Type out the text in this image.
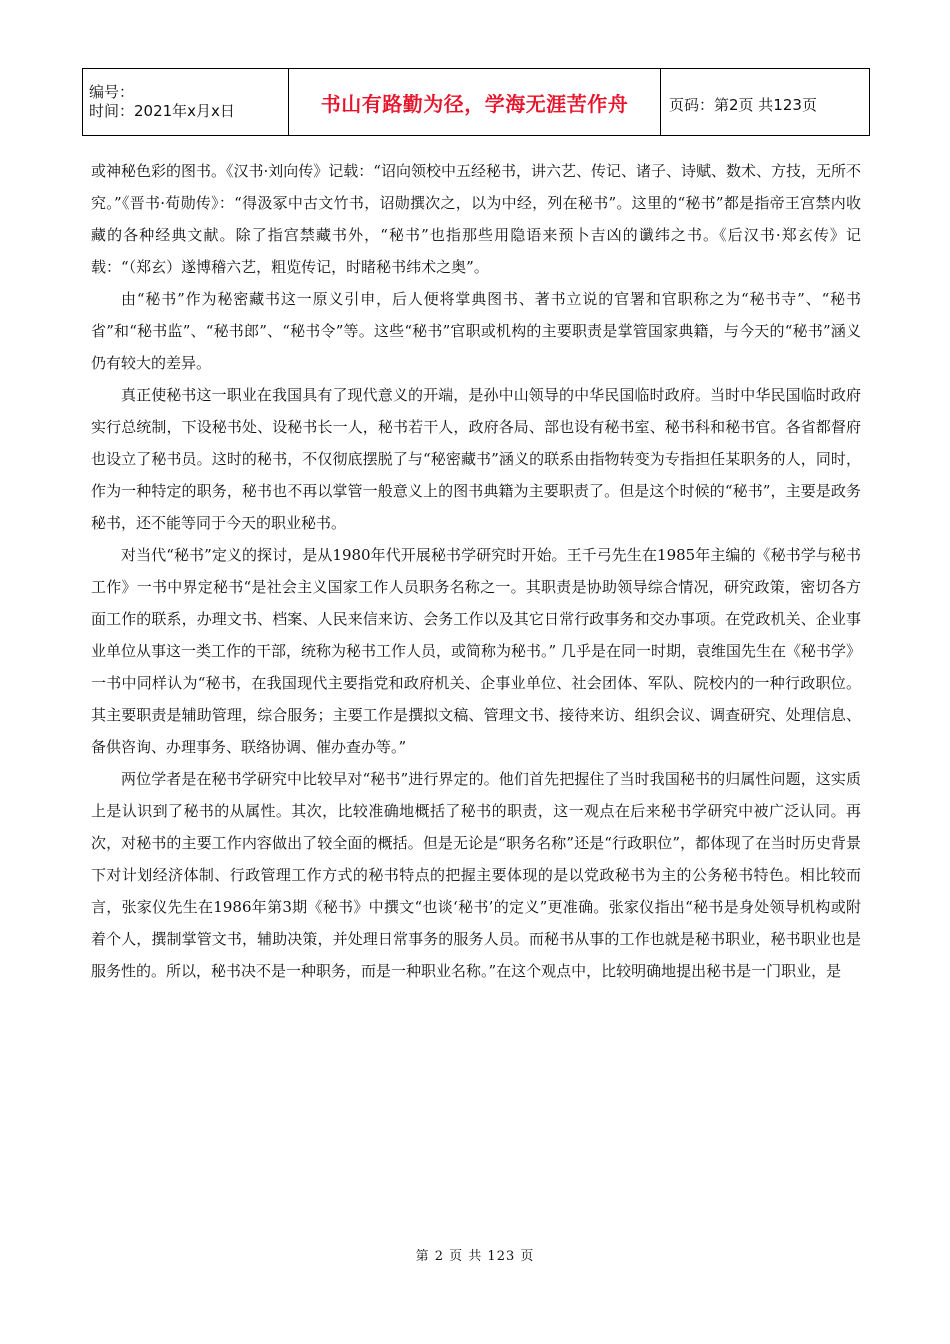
编号：
时间：2021年x月x日	书山有路勤为径，学海无涯苦作舟	页码：第2页 共123页

或神秘色彩的图书。《汉书·刘向传》记载：“诏向领校中五经秘书，讲六艺、传记、诸子、诗赋、数术、方技，无所不究。”《晋书·荀勋传》：“得汲冢中古文竹书，诏勋撰次之，以为中经，列在秘书”。这里的“秘书”都是指帝王宫禁内收藏的各种经典文献。除了指宫禁藏书外，“秘书”也指那些用隐语来预卜吉凶的谶纬之书。《后汉书·郑玄传》记载：“（郑玄）遂博稽六艺，粗览传记，时睹秘书纬术之奥”。

由“秘书”作为秘密藏书这一原义引申，后人便将掌典图书、著书立说的官署和官职称之为“秘书寺”、“秘书省”和“秘书监”、“秘书郎”、“秘书令”等。这些“秘书”官职或机构的主要职责是掌管国家典籍，与今天的“秘书”涵义仍有较大的差异。

真正使秘书这一职业在我国具有了现代意义的开端，是孙中山领导的中华民国临时政府。当时中华民国临时政府实行总统制，下设秘书处、设秘书长一人，秘书若干人，政府各局、部也设有秘书室、秘书科和秘书官。各省都督府也设立了秘书员。这时的秘书，不仅彻底摆脱了与“秘密藏书”涵义的联系由指物转变为专指担任某职务的人，同时，作为一种特定的职务，秘书也不再以掌管一般意义上的图书典籍为主要职责了。但是这个时候的“秘书”，主要是政务秘书，还不能等同于今天的职业秘书。

对当代“秘书”定义的探讨，是从1980年代开展秘书学研究时开始。王千弓先生在1985年主编的《秘书学与秘书工作》一书中界定秘书“是社会主义国家工作人员职务名称之一。其职责是协助领导综合情况，研究政策，密切各方面工作的联系，办理文书、档案、人民来信来访、会务工作以及其它日常行政事务和交办事项。在党政机关、企业事业单位从事这一类工作的干部，统称为秘书工作人员，或简称为秘书。” 几乎是在同一时期，袁维国先生在《秘书学》一书中同样认为“秘书，在我国现代主要指党和政府机关、企事业单位、社会团体、军队、院校内的一种行政职位。其主要职责是辅助管理，综合服务；主要工作是撰拟文稿、管理文书、接待来访、组织会议、调查研究、处理信息、备供咨询、办理事务、联络协调、催办查办等。”

两位学者是在秘书学研究中比较早对“秘书”进行界定的。他们首先把握住了当时我国秘书的归属性问题，这实质上是认识到了秘书的从属性。其次，比较准确地概括了秘书的职责，这一观点在后来秘书学研究中被广泛认同。再次，对秘书的主要工作内容做出了较全面的概括。但是无论是“职务名称”还是“行政职位”，都体现了在当时历史背景下对计划经济体制、行政管理工作方式的秘书特点的把握主要体现的是以党政秘书为主的公务秘书特色。相比较而言，张家仪先生在1986年第3期《秘书》中撰文“也谈‘秘书’的定义”更准确。张家仪指出“秘书是身处领导机构或附着个人，撰制掌管文书，辅助决策，并处理日常事务的服务人员。而秘书从事的工作也就是秘书职业，秘书职业也是服务性的。所以，秘书决不是一种职务，而是一种职业名称。”在这个观点中，比较明确地提出秘书是一门职业，是

第 2 页 共 123 页
